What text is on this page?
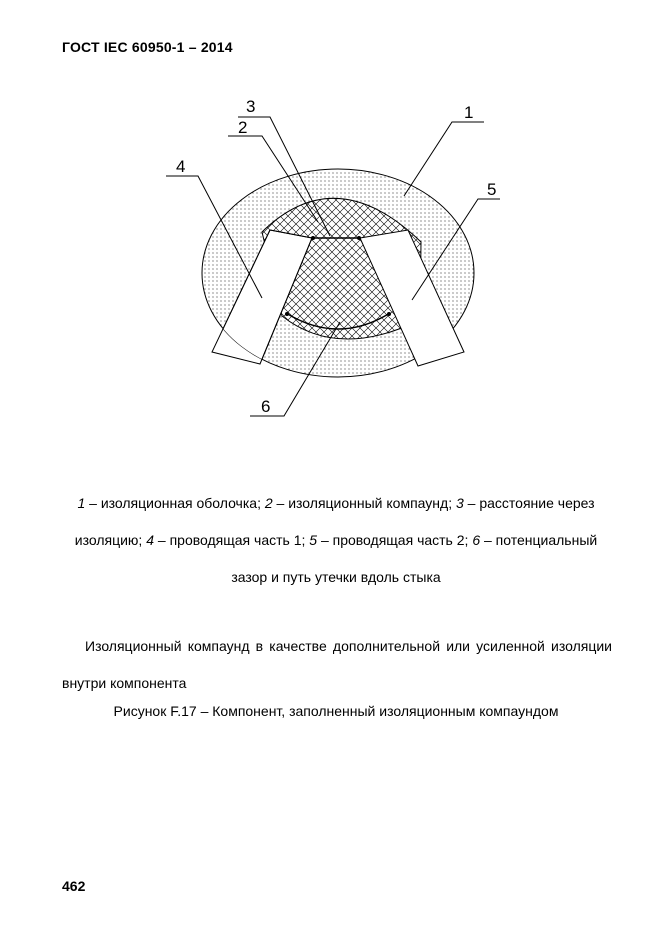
ГОСТ IEC 60950-1 – 2014
4
2
3	1
5
6
1 – изоляционная оболочка; 2 – изоляционный компаунд; 3 – расстояние через изоляцию; 4 – проводящая часть 1; 5 – проводящая часть 2; 6 – потенциальный зазор и путь утечки вдоль стыка
Изоляционный компаунд в качестве дополнительной или усиленной изоляции внутри компонента
Рисунок F.17 – Компонент, заполненный изоляционным компаундом
462
